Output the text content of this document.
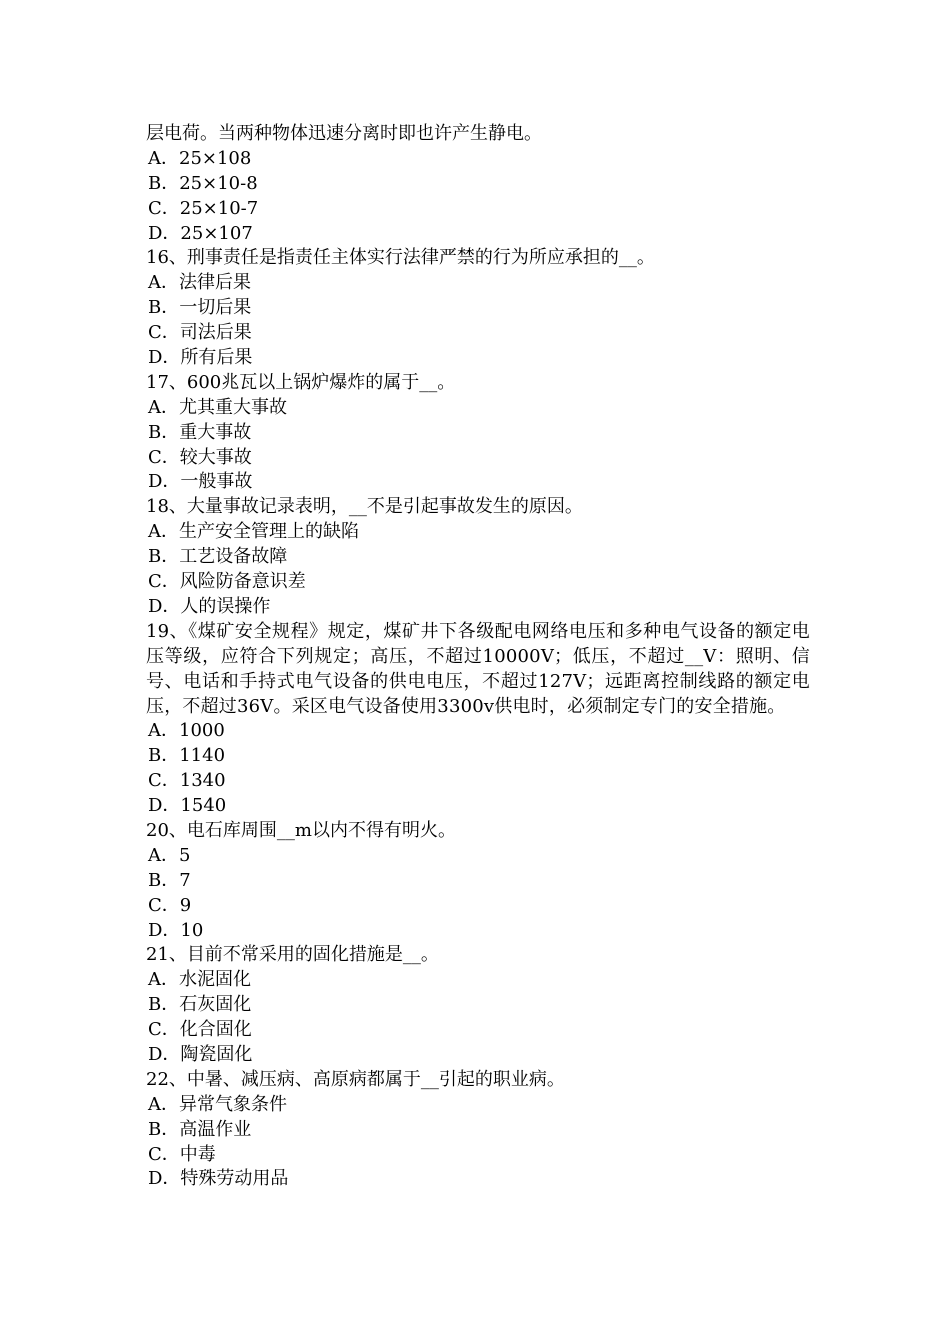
层电荷。当两种物体迅速分离时即也许产生静电。
A．25×108
B．25×10-8
C．25×10-7
D．25×107
16、刑事责任是指责任主体实行法律严禁的行为所应承担的__。
A．法律后果
B．一切后果
C．司法后果
D．所有后果
17、600兆瓦以上锅炉爆炸的属于__。
A．尤其重大事故
B．重大事故
C．较大事故
D．一般事故
18、大量事故记录表明，__不是引起事故发生的原因。
A．生产安全管理上的缺陷
B．工艺设备故障
C．风险防备意识差
D．人的误操作
19、《煤矿安全规程》规定，煤矿井下各级配电网络电压和多种电气设备的额定电压等级，应符合下列规定；高压，不超过10000V；低压，不超过__V：照明、信号、电话和手持式电气设备的供电电压，不超过127V；远距离控制线路的额定电压，不超过36V。采区电气设备使用3300v供电时，必须制定专门的安全措施。
A．1000
B．1140
C．1340
D．1540
20、电石库周围__m以内不得有明火。
A．5
B．7
C．9
D．10
21、目前不常采用的固化措施是__。
A．水泥固化
B．石灰固化
C．化合固化
D．陶瓷固化
22、中暑、减压病、高原病都属于__引起的职业病。
A．异常气象条件
B．高温作业
C．中毒
D．特殊劳动用品
